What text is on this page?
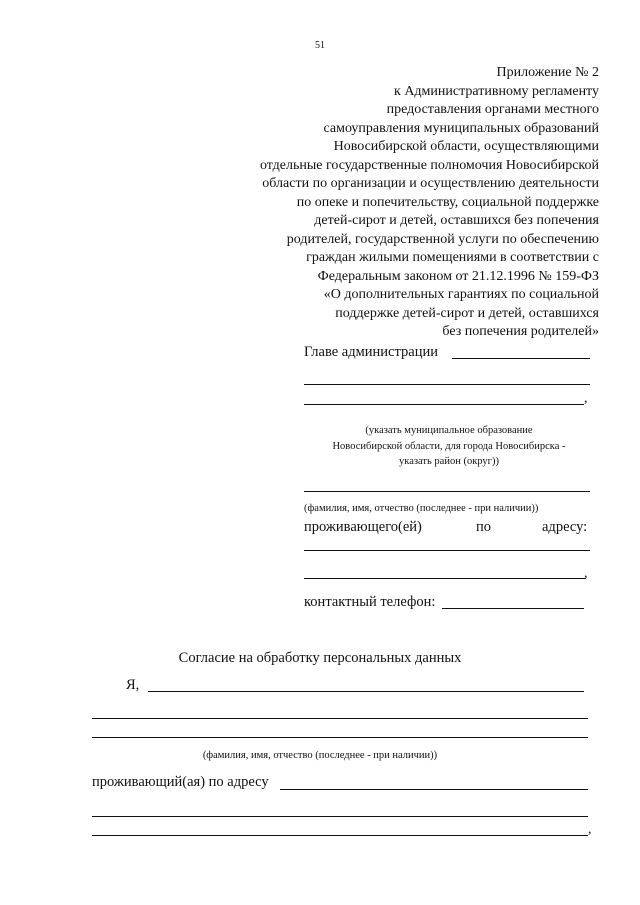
51
Приложение № 2
к Административному регламенту
предоставления органами местного
самоуправления муниципальных образований
Новосибирской области, осуществляющими
отдельные государственные полномочия Новосибирской
области по организации и осуществлению деятельности
по опеке и попечительству, социальной поддержке
детей-сирот и детей, оставшихся без попечения
родителей, государственной услуги по обеспечению
граждан жилыми помещениями в соответствии с
Федеральным законом от 21.12.1996 № 159-ФЗ
«О дополнительных гарантиях по социальной
поддержке детей-сирот и детей, оставшихся
без попечения родителей»
Главе администрации
,
(указать муниципальное образование
Новосибирской области, для города Новосибирска -
указать район (округ))
(фамилия, имя, отчество (последнее - при наличии))
проживающего(ей)	по	адресу:
,
контактный телефон:
Согласие на обработку персональных данных
Я,
(фамилия, имя, отчество (последнее - при наличии))
проживающий(ая) по адресу
,
